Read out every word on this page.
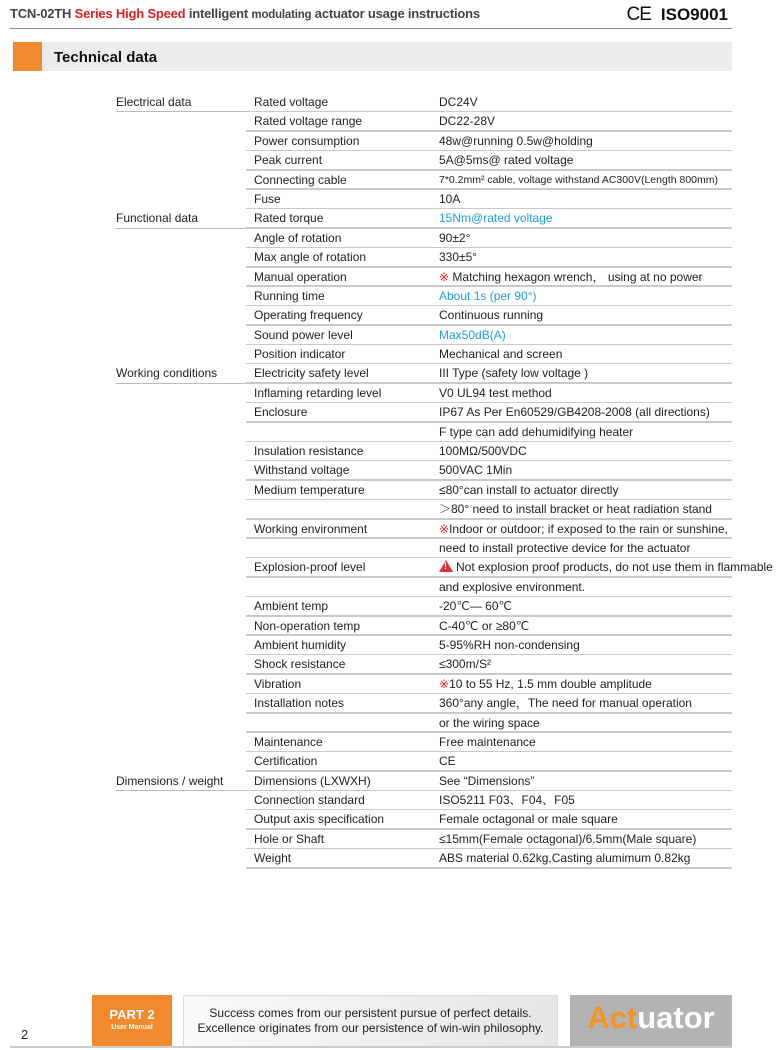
TCN-02TH Series High Speed intelligent modulating actuator usage instructions	CE ISO9001
Technical data
Electrical data	Rated voltage	DC24V
Rated voltage range	DC22-28V
Power consumption	48w@running 0.5w@holding
Peak current	5A@5ms@ rated voltage
Connecting cable	7*0.2mm² cable, voltage withstand AC300V(Length 800mm)
Fuse	10A
Functional data	Rated torque	15Nm@rated voltage
Angle of rotation	90±2°
Max angle of rotation	330±5°
Manual operation	※ Matching hexagon wrench， using at no power
Running time	About 1s (per 90°)
Operating frequency	Continuous running
Sound power level	Max50dB(A)
Position indicator	Mechanical and screen
Working conditions	Electricity safety level	III Type (safety low voltage )
Inflaming retarding level	V0 UL94 test method
Enclosure	IP67 As Per En60529/GB4208-2008 (all directions)
F type can add dehumidifying heater
Insulation resistance	100MΩ/500VDC
Withstand voltage	500VAC 1Min
Medium temperature	≤80°can install to actuator directly
＞80° need to install bracket or heat radiation stand
Working environment	※Indoor or outdoor; if exposed to the rain or sunshine,
need to install protective device for the actuator
Explosion-proof level !	Not explosion proof products, do not use them in flammable
and explosive environment.
Ambient temp	-20℃— 60℃
Non-operation temp	C-40℃ or ≥80℃
Ambient humidity	5-95%RH non-condensing
Shock resistance	≤300m/S²
Vibration	※10 to 55 Hz, 1.5 mm double amplitude
Installation notes	360°any angle，The need for manual operation
or the wiring space
Maintenance	Free maintenance
Certification	CE
Dimensions / weight	Dimensions (LXWXH)	See “Dimensions”
Connection standard	ISO5211 F03、F04、F05
Output axis specification	Female octagonal or male square
Hole or Shaft	≤15mm(Female octagonal)/6.5mm(Male square)
Weight	ABS material 0.62kg,Casting alumimum 0.82kg
2
PART 2
User Manual
Success comes from our persistent pursue of perfect details.
Excellence originates from our persistence of win-win philosophy.	Actuator
